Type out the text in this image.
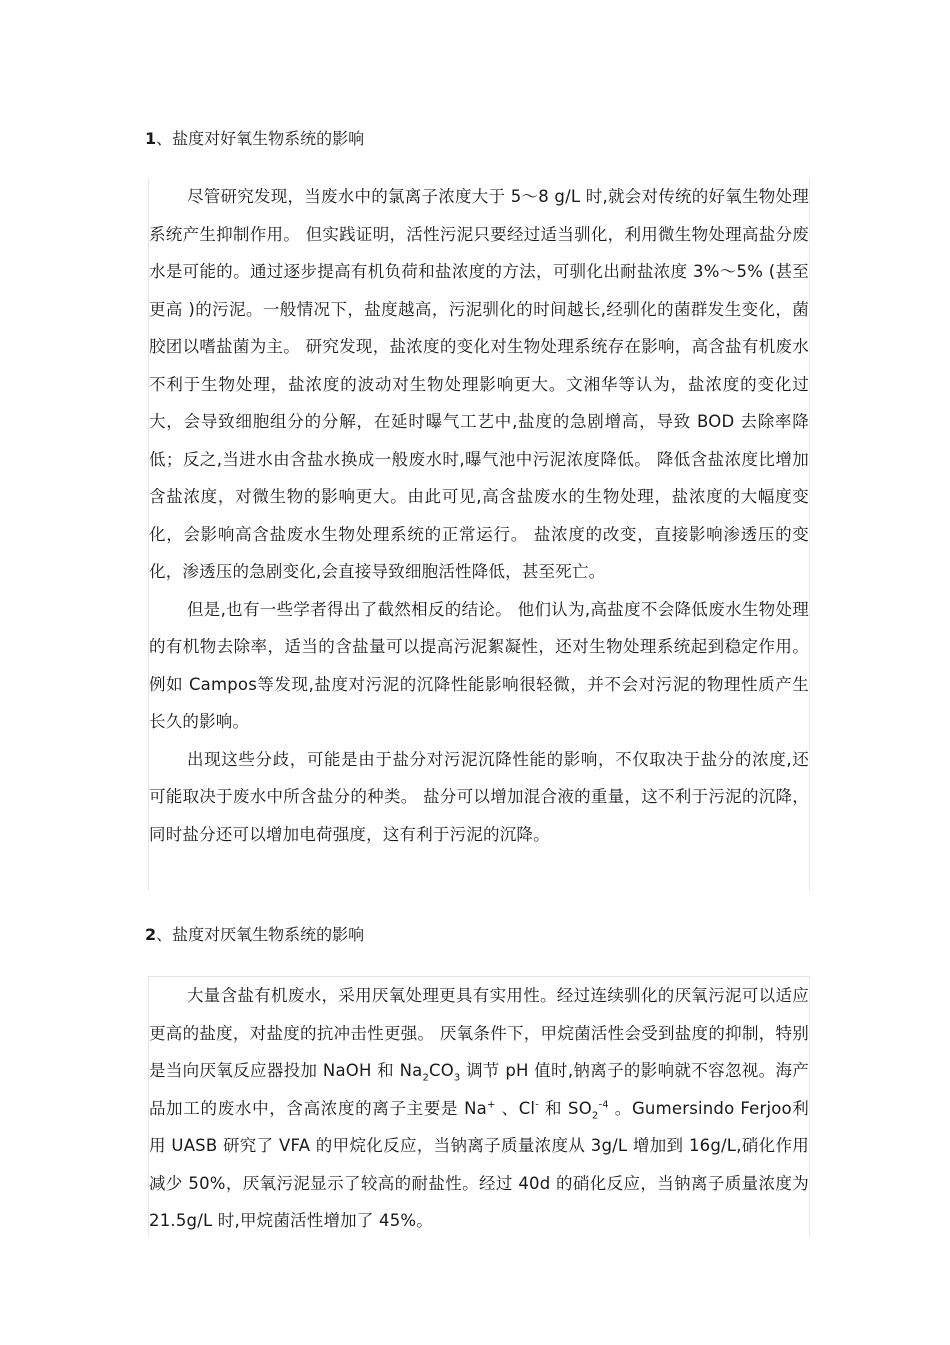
1、盐度对好氧生物系统的影响

尽管研究发现，当废水中的氯离子浓度大于 5～8 g/L 时,就会对传统的好氧生物处理系统产生抑制作用。 但实践证明，活性污泥只要经过适当驯化，利用微生物处理高盐分废水是可能的。通过逐步提高有机负荷和盐浓度的方法，可驯化出耐盐浓度 3%～5% (甚至更高 )的污泥。一般情况下，盐度越高，污泥驯化的时间越长,经驯化的菌群发生变化，菌胶团以嗜盐菌为主。 研究发现，盐浓度的变化对生物处理系统存在影响，高含盐有机废水不利于生物处理，盐浓度的波动对生物处理影响更大。文湘华等认为，盐浓度的变化过大，会导致细胞组分的分解，在延时曝气工艺中,盐度的急剧增高，导致 BOD 去除率降低；反之,当进水由含盐水换成一般废水时,曝气池中污泥浓度降低。 降低含盐浓度比增加含盐浓度，对微生物的影响更大。由此可见,高含盐废水的生物处理，盐浓度的大幅度变化，会影响高含盐废水生物处理系统的正常运行。 盐浓度的改变，直接影响渗透压的变化，渗透压的急剧变化,会直接导致细胞活性降低，甚至死亡。

但是,也有一些学者得出了截然相反的结论。 他们认为,高盐度不会降低废水生物处理的有机物去除率，适当的含盐量可以提高污泥絮凝性，还对生物处理系统起到稳定作用。例如 Campos等发现,盐度对污泥的沉降性能影响很轻微，并不会对污泥的物理性质产生长久的影响。

出现这些分歧，可能是由于盐分对污泥沉降性能的影响，不仅取决于盐分的浓度,还可能取决于废水中所含盐分的种类。 盐分可以增加混合液的重量，这不利于污泥的沉降，同时盐分还可以增加电荷强度，这有利于污泥的沉降。

2、盐度对厌氧生物系统的影响

大量含盐有机废水，采用厌氧处理更具有实用性。经过连续驯化的厌氧污泥可以适应更高的盐度，对盐度的抗冲击性更强。 厌氧条件下，甲烷菌活性会受到盐度的抑制，特别是当向厌氧反应器投加 NaOH 和 $Na_2CO_3$ 调节 pH 值时,钠离子的影响就不容忽视。海产品加工的废水中，含高浓度的离子主要是 Na+ 、Cl- 和 $SO_2^{-4}$ 。Gumersindo Ferjoo利用 UASB 研究了 VFA 的甲烷化反应，当钠离子质量浓度从 3g/L 增加到 16g/L,硝化作用减少 50%，厌氧污泥显示了较高的耐盐性。经过 40d 的硝化反应，当钠离子质量浓度为 21.5g/L 时,甲烷菌活性增加了 45%。
